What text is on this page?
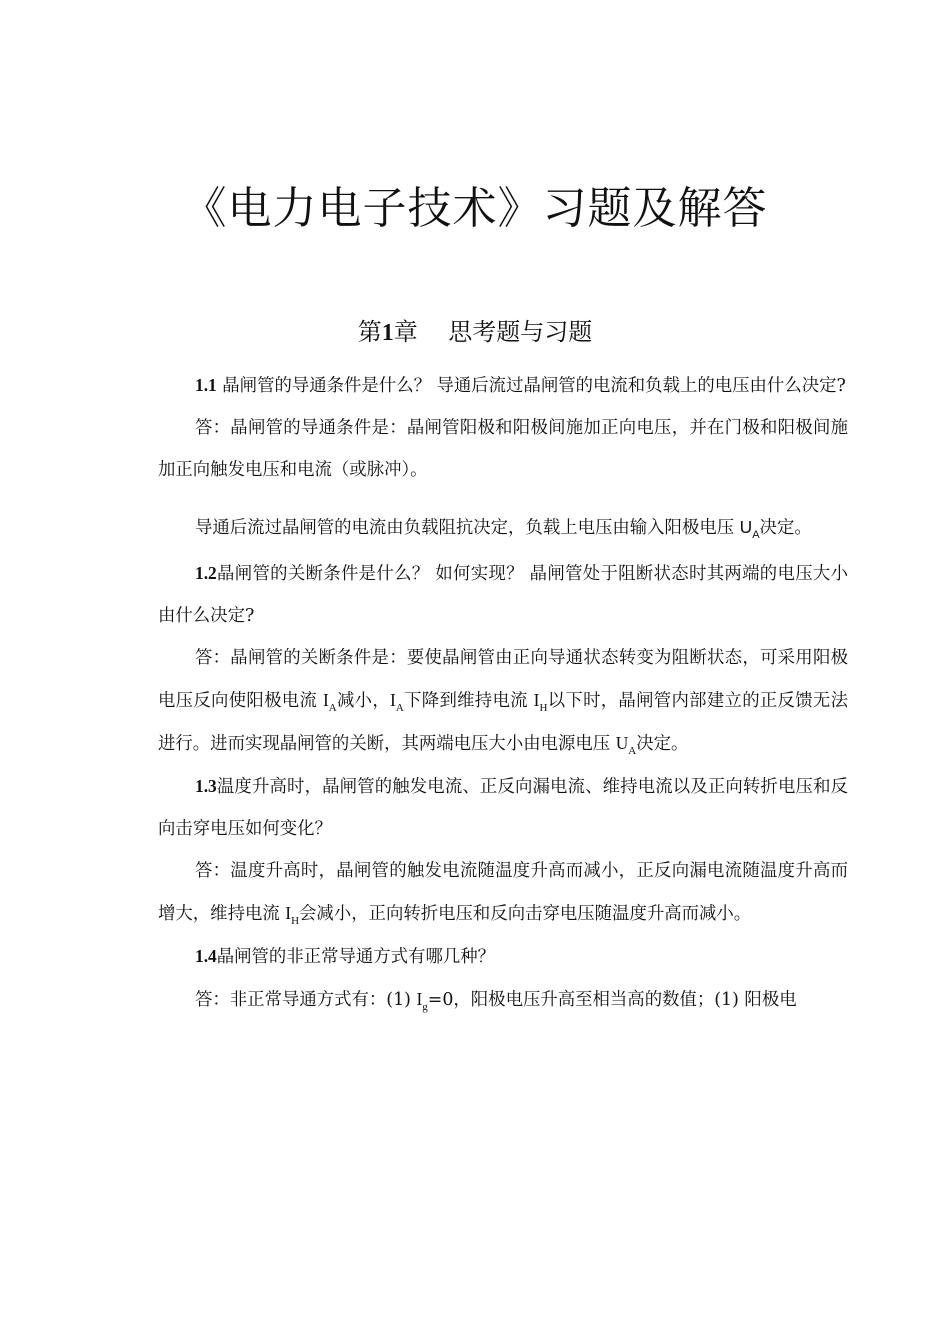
《电力电子技术》习题及解答
第1章 思考题与习题

1.1 晶闸管的导通条件是什么？ 导通后流过晶闸管的电流和负载上的电压由什么决定?

答：晶闸管的导通条件是：晶闸管阳极和阳极间施加正向电压，并在门极和阳极间施加正向触发电压和电流（或脉冲）。

导通后流过晶闸管的电流由负载阻抗决定，负载上电压由输入阳极电压 $U_A$决定。

1.2晶闸管的关断条件是什么？ 如何实现？ 晶闸管处于阻断状态时其两端的电压大小由什么决定?

答：晶闸管的关断条件是：要使晶闸管由正向导通状态转变为阻断状态，可采用阳极电压反向使阳极电流 $I_A$减小，$I_A$下降到维持电流 $I_H$以下时，晶闸管内部建立的正反馈无法进行。进而实现晶闸管的关断，其两端电压大小由电源电压 $U_A$决定。

1.3温度升高时，晶闸管的触发电流、正反向漏电流、维持电流以及正向转折电压和反向击穿电压如何变化？

答：温度升高时，晶闸管的触发电流随温度升高而减小，正反向漏电流随温度升高而增大，维持电流 $I_H$会减小，正向转折电压和反向击穿电压随温度升高而减小。

1.4晶闸管的非正常导通方式有哪几种？

答：非正常导通方式有：(1) $I_g=0$，阳极电压升高至相当高的数值；(1) 阳极电
